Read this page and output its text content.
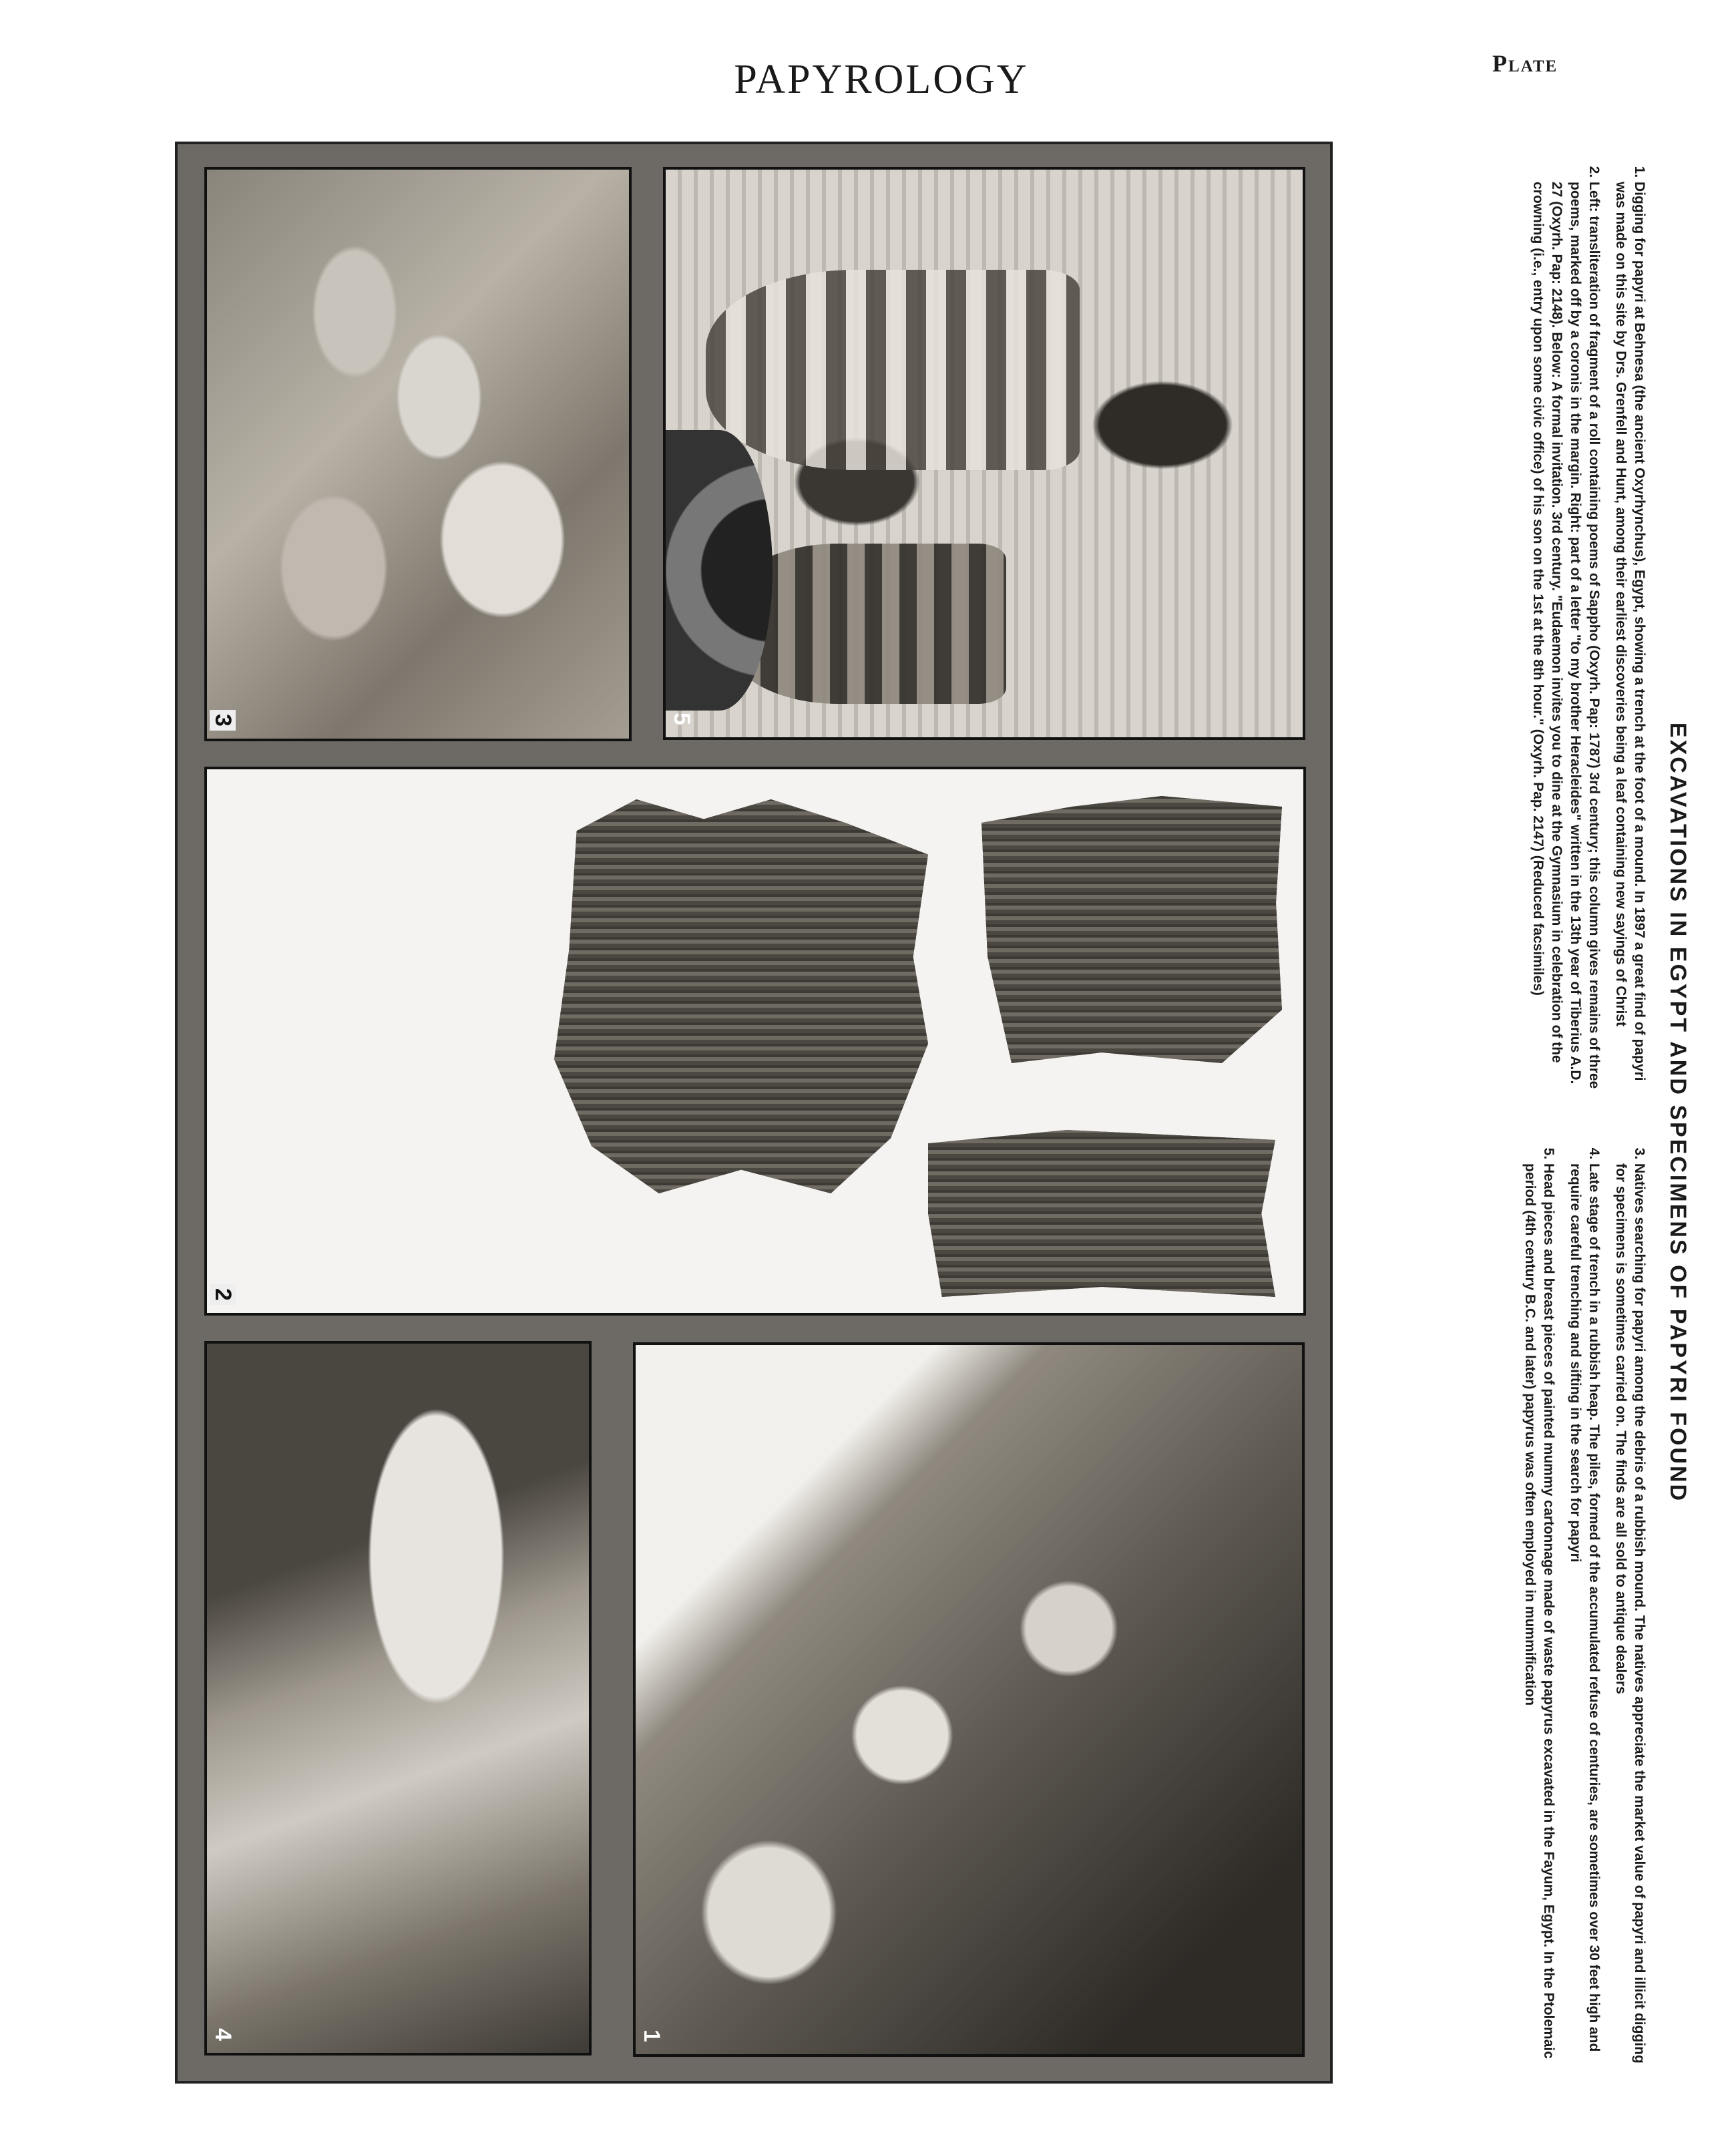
PAPYROLOGY	Plate
3	5
2
4	1
EXCAVATIONS IN EGYPT AND SPECIMENS OF PAPYRI FOUND
1. Digging for papyri at Behnesa (the ancient Oxyrhynchus), Egypt, showing a trench at the foot of a mound. In 1897 a great find of papyri was made on this site by Drs. Grenfell and Hunt, among their earliest discoveries being a leaf containing new sayings of Christ
2. Left: transliteration of fragment of a roll containing poems of Sappho (Oxyrh. Pap: 1787) 3rd century; this column gives remains of three poems, marked off by a coronis in the margin. Right: part of a letter "to my brother Heracleides" written in the 13th year of Tiberius A.D. 27 (Oxyrh. Pap: 2148). Below: A formal invitation. 3rd century. "Eudaemon invites you to dine at the Gymnasium in celebration of the crowning (i.e., entry upon some civic office) of his son on the 1st at the 8th hour." (Oxyrh. Pap. 2147) (Reduced facsimiles)
3. Natives searching for papyri among the debris of a rubbish mound. The natives appreciate the market value of papyri and illicit digging for specimens is sometimes carried on. The finds are all sold to antique dealers
4. Late stage of trench in a rubbish heap. The piles, formed of the accumulated refuse of centuries, are sometimes over 30 feet high and require careful trenching and sifting in the search for papyri
5. Head pieces and breast pieces of painted mummy cartonnage made of waste papyrus excavated in the Fayum, Egypt. In the Ptolemaic period (4th century B.C. and later) papyrus was often employed in mummification
